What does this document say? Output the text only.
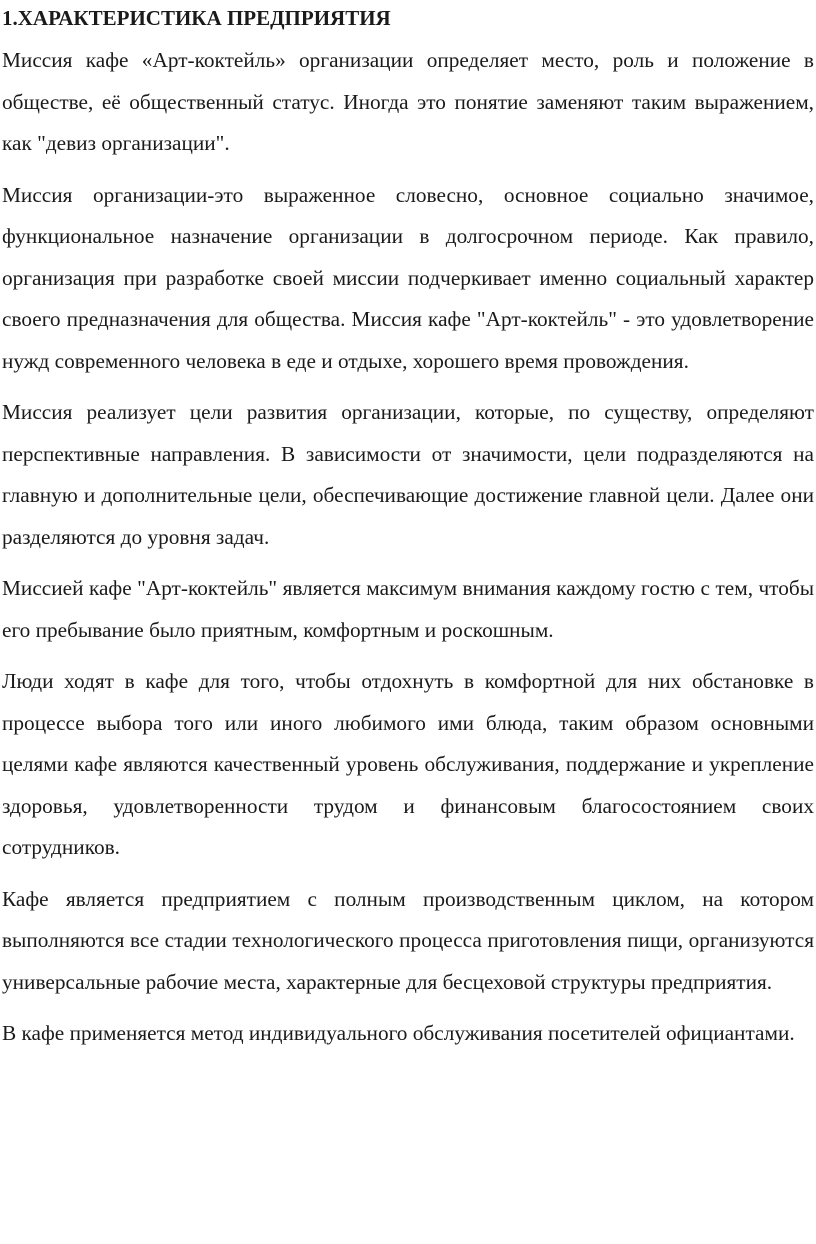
1.ХАРАКТЕРИСТИКА ПРЕДПРИЯТИЯ

Миссия кафе «Арт-коктейль» организации определяет место, роль и положение в обществе, её общественный статус. Иногда это понятие заменяют таким выражением, как "девиз организации".

Миссия организации-это выраженное словесно, основное социально значимое, функциональное назначение организации в долгосрочном периоде. Как правило, организация при разработке своей миссии подчеркивает именно социальный характер своего предназначения для общества. Миссия кафе "Арт-коктейль" - это удовлетворение нужд современного человека в еде и отдыхе, хорошего время провождения.

Миссия реализует цели развития организации, которые, по существу, определяют перспективные направления. В зависимости от значимости, цели подразделяются на главную и дополнительные цели, обеспечивающие достижение главной цели. Далее они разделяются до уровня задач.

Миссией кафе "Арт-коктейль" является максимум внимания каждому гостю с тем, чтобы его пребывание было приятным, комфортным и роскошным.

Люди ходят в кафе для того, чтобы отдохнуть в комфортной для них обстановке в процессе выбора того или иного любимого ими блюда, таким образом основными целями кафе являются качественный уровень обслуживания, поддержание и укрепление здоровья, удовлетворенности трудом и финансовым благосостоянием своих сотрудников.

Кафе является предприятием с полным производственным циклом, на котором выполняются все стадии технологического процесса приготовления пищи, организуются универсальные рабочие места, характерные для бесцеховой структуры предприятия.

В кафе применяется метод индивидуального обслуживания посетителей официантами.
